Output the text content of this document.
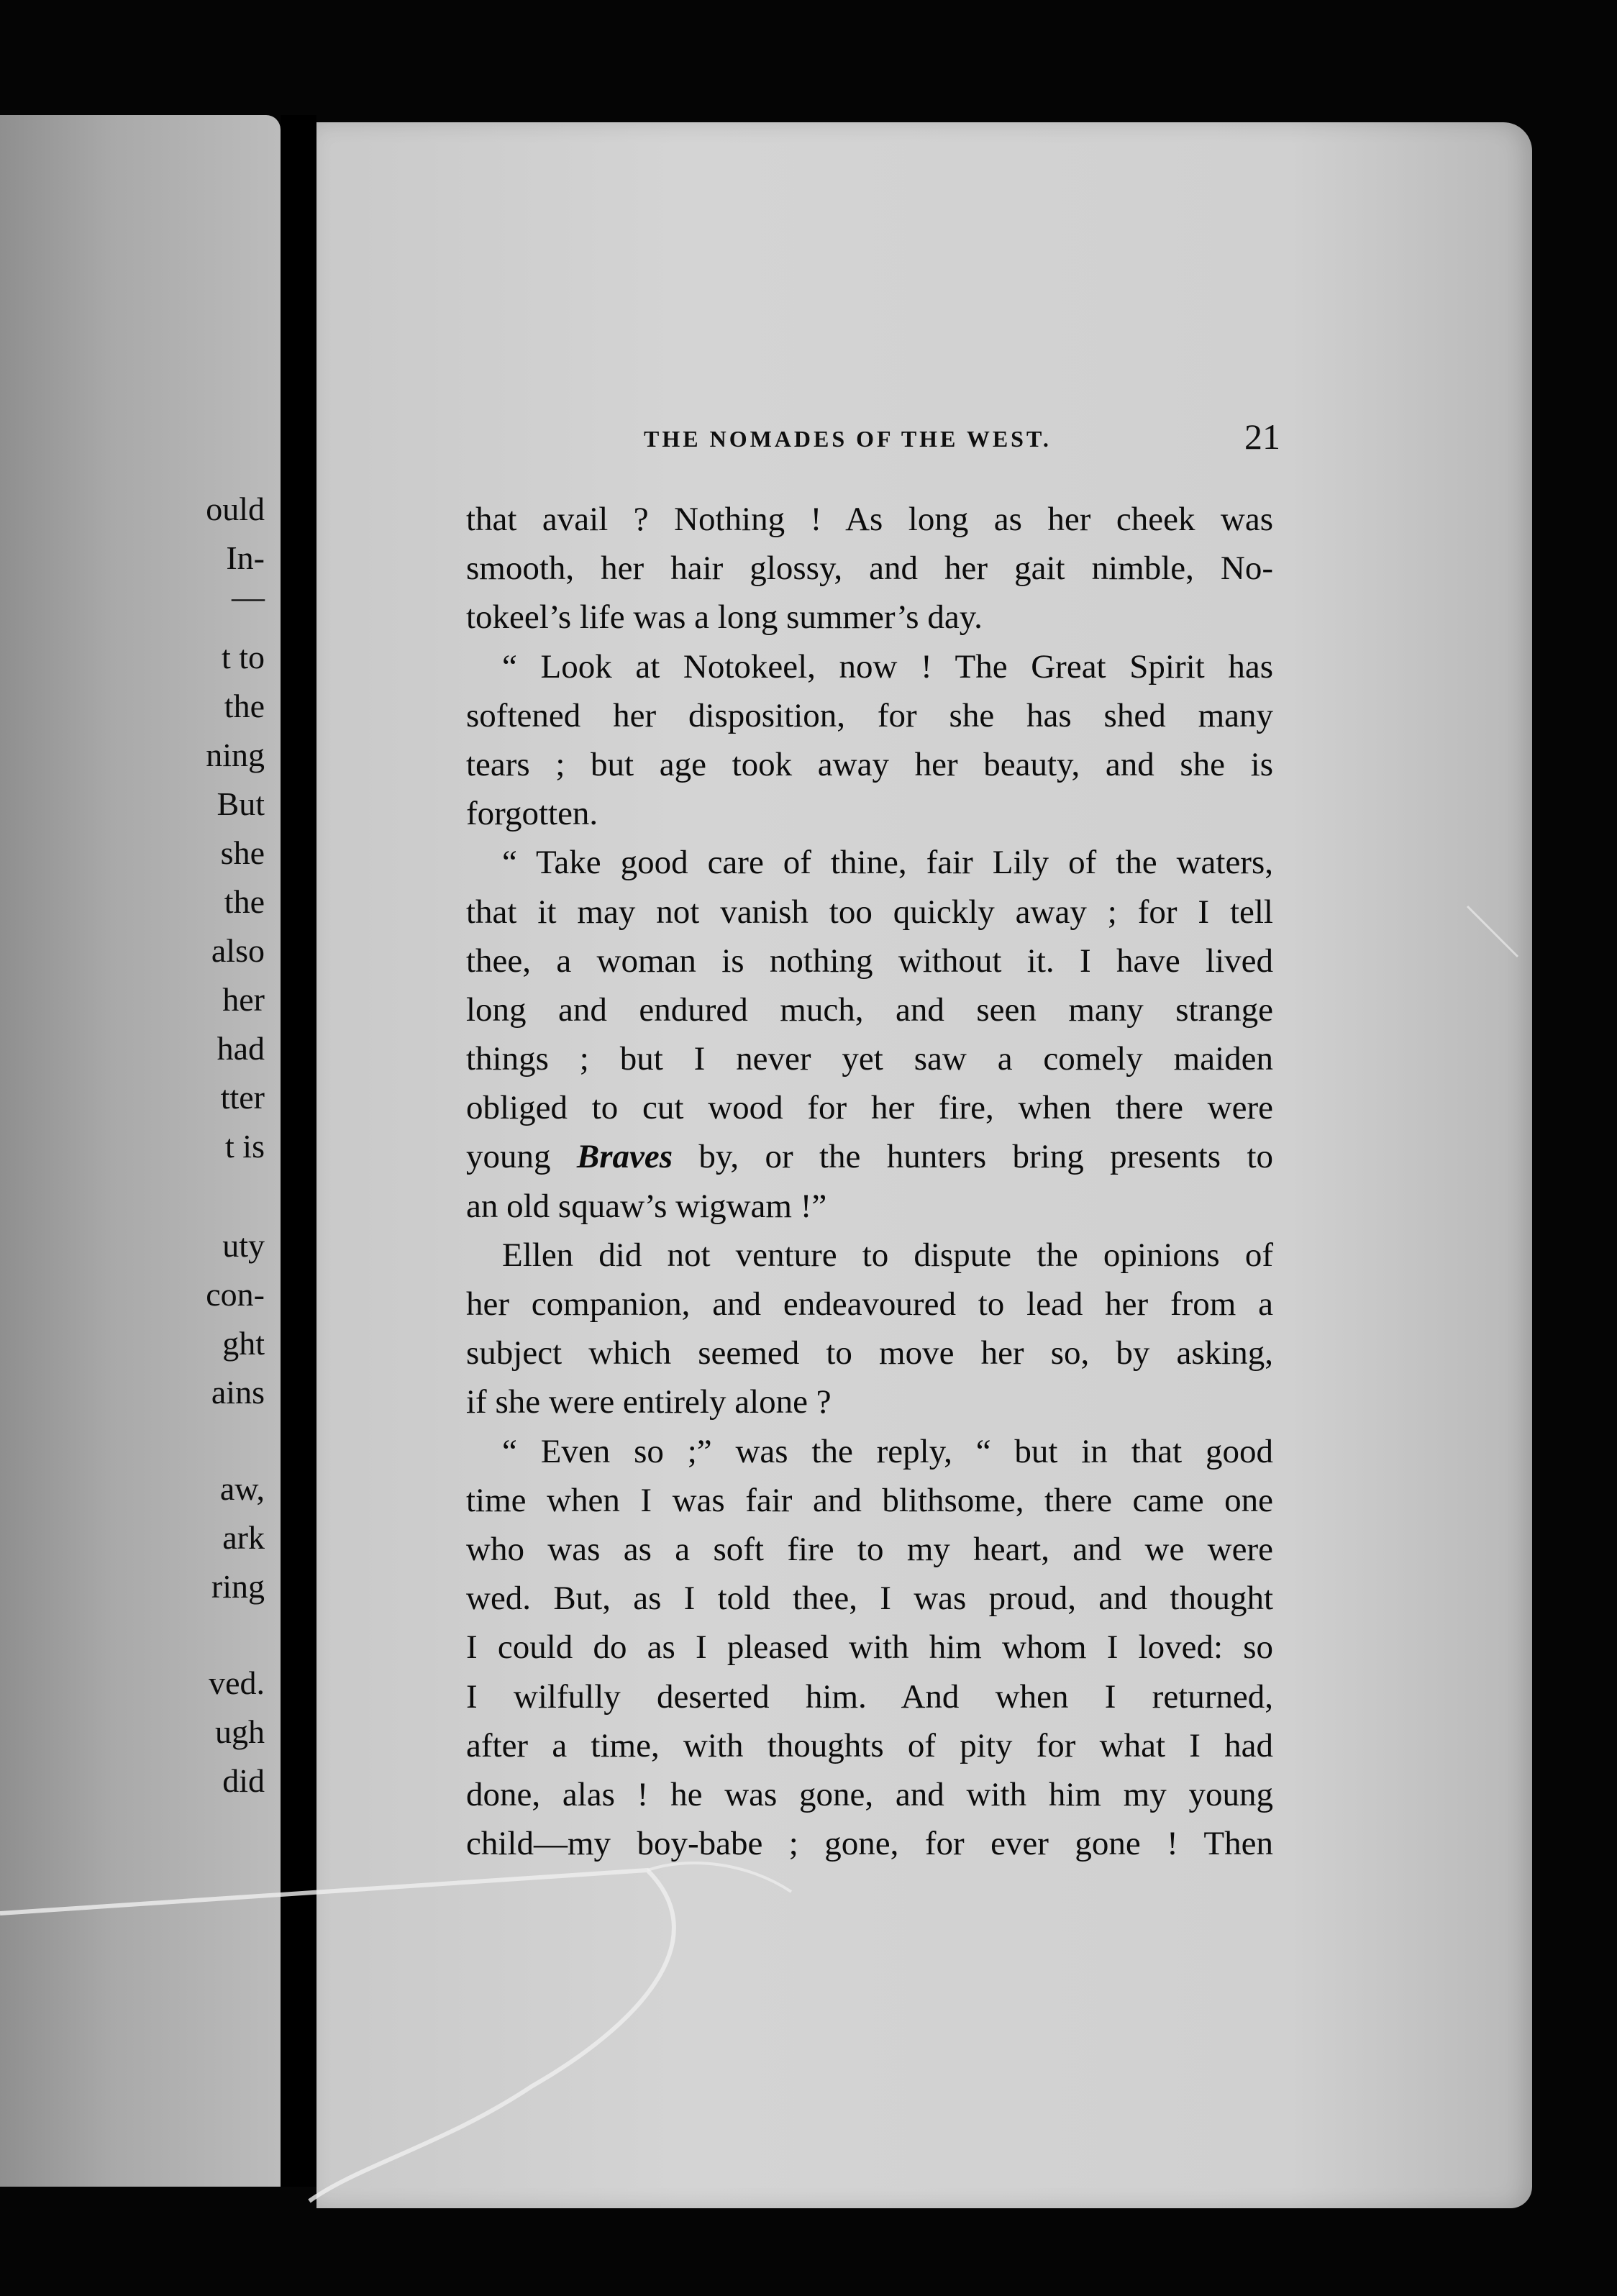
ould
In-
—
t to
the
ning
But
she
the
also
her
had
tter
t is
uty
con-
ght
ains
aw,
ark
ring
ved.
ugh
did
THE NOMADES OF THE WEST.	21
that avail ? Nothing ! As long as her cheek was
smooth, her hair glossy, and her gait nimble, No-
tokeel’s life was a long summer’s day.
“ Look at Notokeel, now ! The Great Spirit has
softened her disposition, for she has shed many
tears ; but age took away her beauty, and she is
forgotten.
“ Take good care of thine, fair Lily of the waters,
that it may not vanish too quickly away ; for I tell
thee, a woman is nothing without it. I have lived
long and endured much, and seen many strange
things ; but I never yet saw a comely maiden
obliged to cut wood for her fire, when there were
young Braves by, or the hunters bring presents to
an old squaw’s wigwam !”
Ellen did not venture to dispute the opinions of
her companion, and endeavoured to lead her from a
subject which seemed to move her so, by asking,
if she were entirely alone ?
“ Even so ;” was the reply, “ but in that good
time when I was fair and blithsome, there came one
who was as a soft fire to my heart, and we were
wed. But, as I told thee, I was proud, and thought
I could do as I pleased with him whom I loved: so
I wilfully deserted him. And when I returned,
after a time, with thoughts of pity for what I had
done, alas ! he was gone, and with him my young
child—my boy-babe ; gone, for ever gone ! Then
